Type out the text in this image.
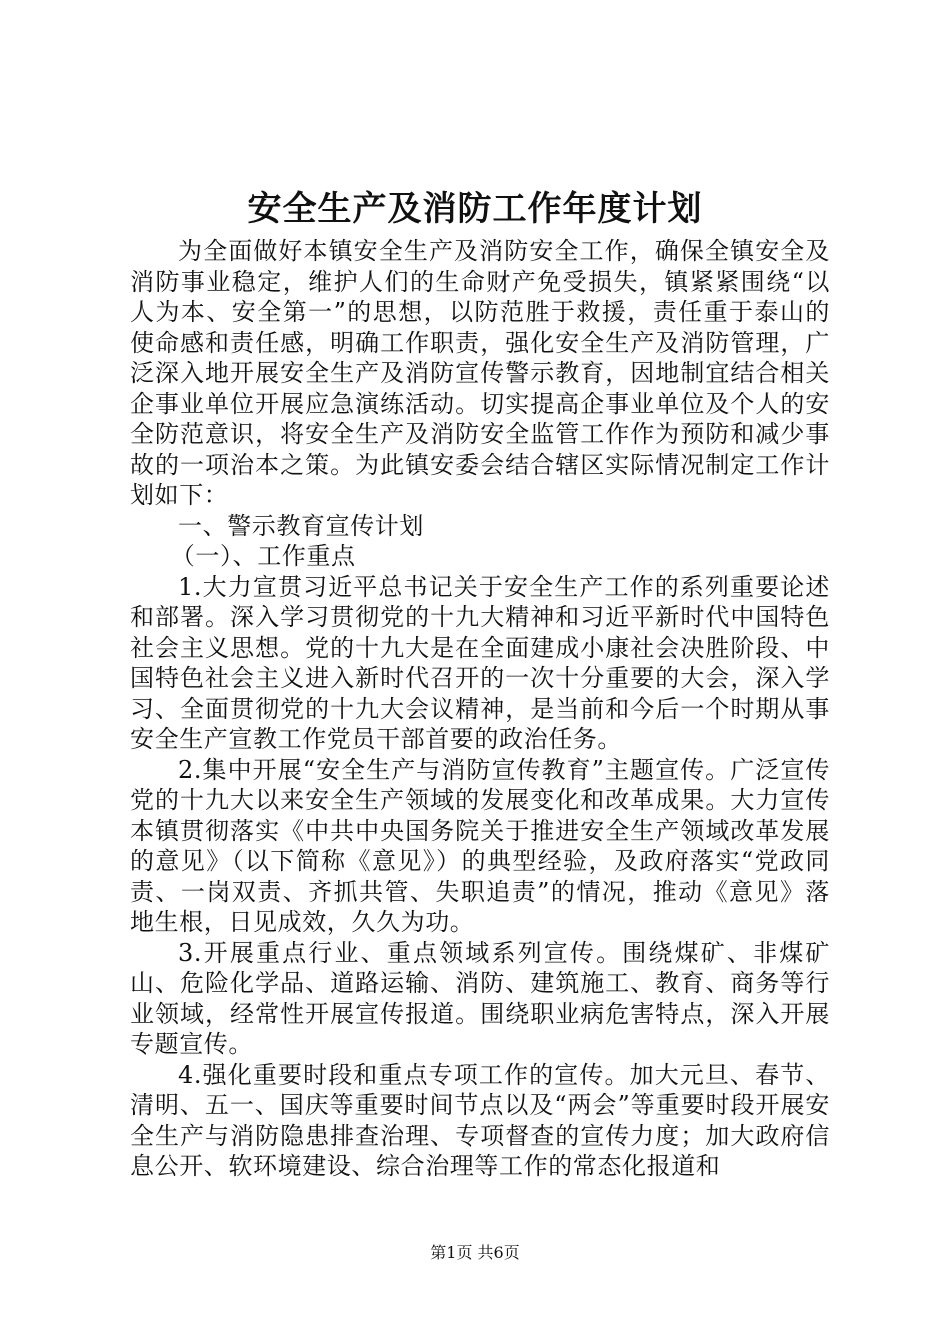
安全生产及消防工作年度计划

为全面做好本镇安全生产及消防安全工作，确保全镇安全及消防事业稳定，维护人们的生命财产免受损失，镇紧紧围绕“以人为本、安全第一”的思想，以防范胜于救援，责任重于泰山的使命感和责任感，明确工作职责，强化安全生产及消防管理，广泛深入地开展安全生产及消防宣传警示教育，因地制宜结合相关企事业单位开展应急演练活动。切实提高企事业单位及个人的安全防范意识，将安全生产及消防安全监管工作作为预防和减少事故的一项治本之策。为此镇安委会结合辖区实际情况制定工作计划如下：

一、警示教育宣传计划

（一）、工作重点

1.大力宣贯习近平总书记关于安全生产工作的系列重要论述和部署。深入学习贯彻党的十九大精神和习近平新时代中国特色社会主义思想。党的十九大是在全面建成小康社会决胜阶段、中国特色社会主义进入新时代召开的一次十分重要的大会，深入学习、全面贯彻党的十九大会议精神，是当前和今后一个时期从事安全生产宣教工作党员干部首要的政治任务。

2.集中开展“安全生产与消防宣传教育”主题宣传。广泛宣传党的十九大以来安全生产领域的发展变化和改革成果。大力宣传本镇贯彻落实《中共中央国务院关于推进安全生产领域改革发展的意见》（以下简称《意见》）的典型经验，及政府落实“党政同责、一岗双责、齐抓共管、失职追责”的情况，推动《意见》落地生根，日见成效，久久为功。

3.开展重点行业、重点领域系列宣传。围绕煤矿、非煤矿山、危险化学品、道路运输、消防、建筑施工、教育、商务等行业领域，经常性开展宣传报道。围绕职业病危害特点，深入开展专题宣传。

4.强化重要时段和重点专项工作的宣传。加大元旦、春节、清明、五一、国庆等重要时间节点以及“两会”等重要时段开展安全生产与消防隐患排查治理、专项督查的宣传力度；加大政府信息公开、软环境建设、综合治理等工作的常态化报道和

第1页 共6页
